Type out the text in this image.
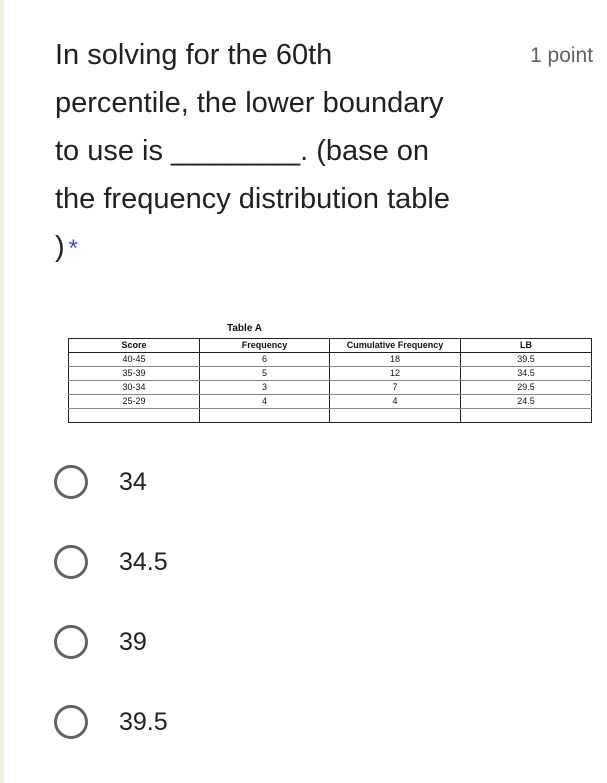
In solving for the 60th
percentile, the lower boundary
to use is ________. (base on
the frequency distribution table
) *
1 point
Table A
Score	Frequency	Cumulative Frequency	LB
40-45	6	18	39.5
35-39	5	12	34.5
30-34	3	7	29.5
25-29	4	4	24.5

34
34.5
39
39.5
